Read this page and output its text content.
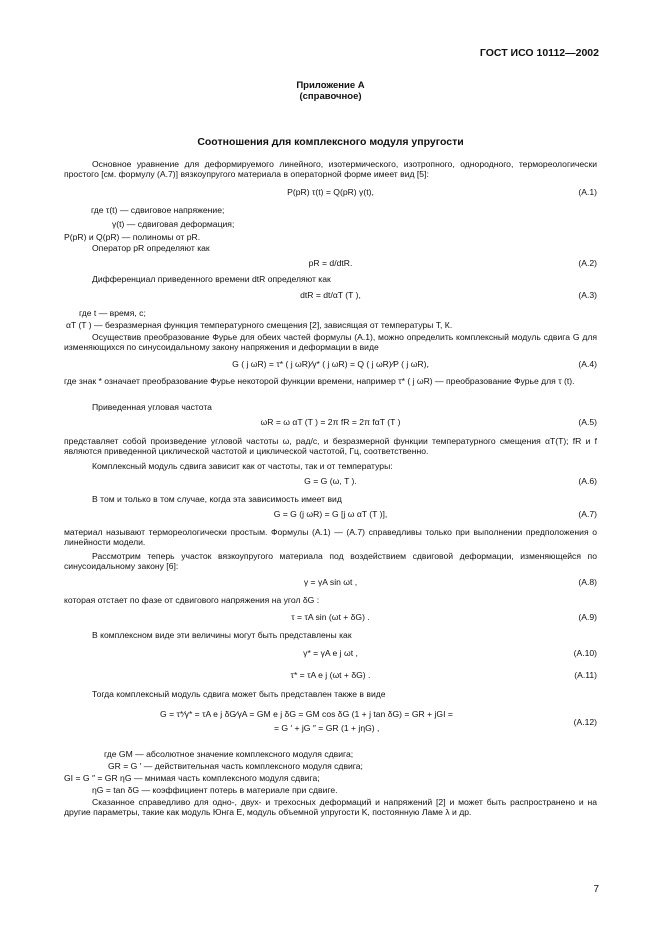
ГОСТ ИСО 10112—2002
Приложение А
(справочное)
Соотношения для комплексного модуля упругости
Основное уравнение для деформируемого линейного, изотермического, изотропного, однородного, термореологически простого [см. формулу (А.7)] вязкоупругого материала в операторной форме имеет вид [5]:
P(pR) τ(t) = Q(pR) γ(t),	(А.1)
где τ(t) — сдвиговое напряжение;
γ(t) — сдвиговая деформация;
P(pR) и Q(pR) — полиномы от pR.
Оператор pR определяют как
pR = d/dtR.	(А.2)
Дифференциал приведенного времени dtR определяют как
dtR = dt/αT (T ),	(А.3)
где t — время, с;
αT (T ) — безразмерная функция температурного смещения [2], зависящая от температуры T, К.
Осуществив преобразование Фурье для обеих частей формулы (А.1), можно определить комплексный модуль сдвига G для изменяющихся по синусоидальному закону напряжения и деформации в виде
G ( j ωR) = τ* ( j ωR)⁄γ* ( j ωR) = Q ( j ωR)⁄P ( j ωR),	(А.4)
где знак * означает преобразование Фурье некоторой функции времени, например τ* ( j ωR) — преобразование Фурье для τ (t).
Приведенная угловая частота
ωR = ω αT (T ) = 2π fR = 2π fαT (T )	(А.5)
представляет собой произведение угловой частоты ω, рад/с, и безразмерной функции температурного смещения αT(T); fR и f являются приведенной циклической частотой и циклической частотой, Гц, соответственно.
Комплексный модуль сдвига зависит как от частоты, так и от температуры:
G = G (ω, T ).	(А.6)
В том и только в том случае, когда эта зависимость имеет вид
G = G (j ωR) = G [j ω αT (T )],	(А.7)
материал называют термореологически простым. Формулы (А.1) — (А.7) справедливы только при выполнении предположения о линейности модели.
Рассмотрим теперь участок вязкоупругого материала под воздействием сдвиговой деформации, изменяющейся по синусоидальному закону [6]:
γ = γA sin ωt ,	(А.8)
которая отстает по фазе от сдвигового напряжения на угол δG :
τ = τA sin (ωt + δG) .	(А.9)
В комплексном виде эти величины могут быть представлены как
γ* = γA e j ωt ,	(А.10)
τ* = τA e j (ωt + δG) .	(А.11)
Тогда комплексный модуль сдвига может быть представлен также в виде
G = τ*⁄γ* = τA e j δG⁄γA = GM e j δG = GM cos δG (1 + j tan δG) = GR + jGI =
= G ′ + jG ″ = GR (1 + jηG) ,
(А.12)
где GM — абсолютное значение комплексного модуля сдвига;
GR = G ′ — действительная часть комплексного модуля сдвига;
GI = G ″ = GR ηG — мнимая часть комплексного модуля сдвига;
ηG = tan δG — коэффициент потерь в материале при сдвиге.
Сказанное справедливо для одно-, двух- и трехосных деформаций и напряжений [2] и может быть распространено и на другие параметры, такие как модуль Юнга E, модуль объемной упругости K, постоянную Ламе λ и др.
7
